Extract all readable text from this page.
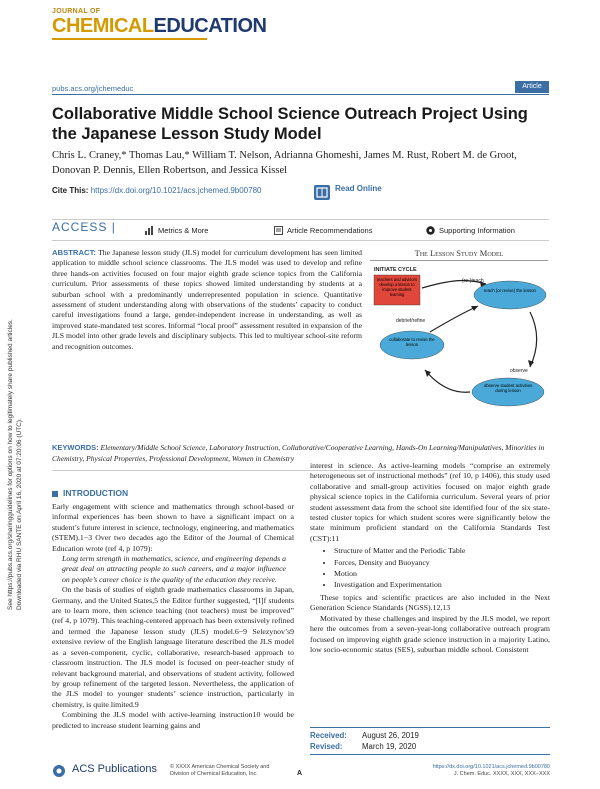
JOURNAL OF
CHEMICALEDUCATION
pubs.acs.org/jchemeduc	Article
Collaborative Middle School Science Outreach Project Using the Japanese Lesson Study Model
Chris L. Craney,* Thomas Lau,* William T. Nelson, Adrianna Ghomeshi, James M. Rust, Robert M. de Groot, Donovan P. Dennis, Ellen Robertson, and Jessica Kissel
Cite This: https://dx.doi.org/10.1021/acs.jchemed.9b00780	Read Online
ACCESS |	Metrics & More	Article Recommendations	Supporting Information
ABSTRACT: The Japanese lesson study (JLS) model for curriculum development has seen limited application to middle school science classrooms. The JLS model was used to develop and refine three hands-on activities focused on four major eighth grade science topics from the California curriculum. Prior assessments of these topics showed limited understanding by students at a suburban school with a predominantly underrepresented population in science. Quantitative assessment of student understanding along with observations of the students’ capacity to conduct careful investigations found a large, gender-independent increase in understanding, as well as improved state-mandated test scores. Informal “local proof” assessment resulted in expansion of the JLS model into other grade levels and disciplinary subjects. This led to multiyear school-site reform and recognition outcomes.
The Lesson Study Model
INITIATE CYCLE
teachers and advisors develop a lesson to improve student learning
(re-)teach
teach (or revise) the lesson
observe
observe student activities during lesson
debrief/refine
collaborate to revise the lesson
KEYWORDS: Elementary/Middle School Science, Laboratory Instruction, Collaborative/Cooperative Learning, Hands-On Learning/Manipulatives, Minorities in Chemistry, Physical Properties, Professional Development, Women in Chemistry
INTRODUCTION

Early engagement with science and mathematics through school-based or informal experiences has been shown to have a significant impact on a student’s future interest in science, technology, engineering, and mathematics (STEM).1−3 Over two decades ago the Editor of the Journal of Chemical Education wrote (ref 4, p 1079):

Long term strength in mathematics, science, and engineering depends a great deal on attracting people to such careers, and a major influence on people’s career choice is the quality of the education they receive.

On the basis of studies of eighth grade mathematics classrooms in Japan, Germany, and the United States,5 the Editor further suggested, “[I]f students are to learn more, then science teaching (not teachers) must be improved” (ref 4, p 1079). This teaching-centered approach has been extensively refined and termed the Japanese lesson study (JLS) model.6−9 Selezynov’s9 extensive review of the English language literature described the JLS model as a seven-component, cyclic, collaborative, research-based approach to classroom instruction. The JLS model is focused on peer-teacher study of relevant background material, and observations of student activity, followed by group refinement of the targeted lesson. Nevertheless, the application of the JLS model to younger students’ science instruction, particularly in chemistry, is quite limited.9

Combining the JLS model with active-learning instruction10 would be predicted to increase student learning gains and

interest in science. As active-learning models “comprise an extremely heterogeneous set of instructional methods” (ref 10, p 1406), this study used collaborative and small-group activities focused on major eighth grade physical science topics in the California curriculum. Several years of prior student assessment data from the school site identified four of the six state-tested cluster topics for which student scores were significantly below the state minimum proficient standard on the California Standards Test (CST):11

• Structure of Matter and the Periodic Table
• Forces, Density and Buoyancy
• Motion
• Investigation and Experimentation

These topics and scientific practices are also included in the Next Generation Science Standards (NGSS).12,13

Motivated by these challenges and inspired by the JLS model, we report here the outcomes from a seven-year-long collaborative outreach program focused on improving eighth grade science instruction in a majority Latino, low socio-economic status (SES), suburban middle school. Consistent

Received: August 26, 2019
Revised: March 19, 2020
ACS Publications © XXXX American Chemical Society and
Division of Chemical Education, Inc.	A
https://dx.doi.org/10.1021/acs.jchemed.9b00780
J. Chem. Educ. XXXX, XXX, XXX−XXX
See https://pubs.acs.org/sharingguidelines for options on how to legitimately share published articles. Downloaded via RHU SANTE on April 16, 2020 at 07:20:06 (UTC).
